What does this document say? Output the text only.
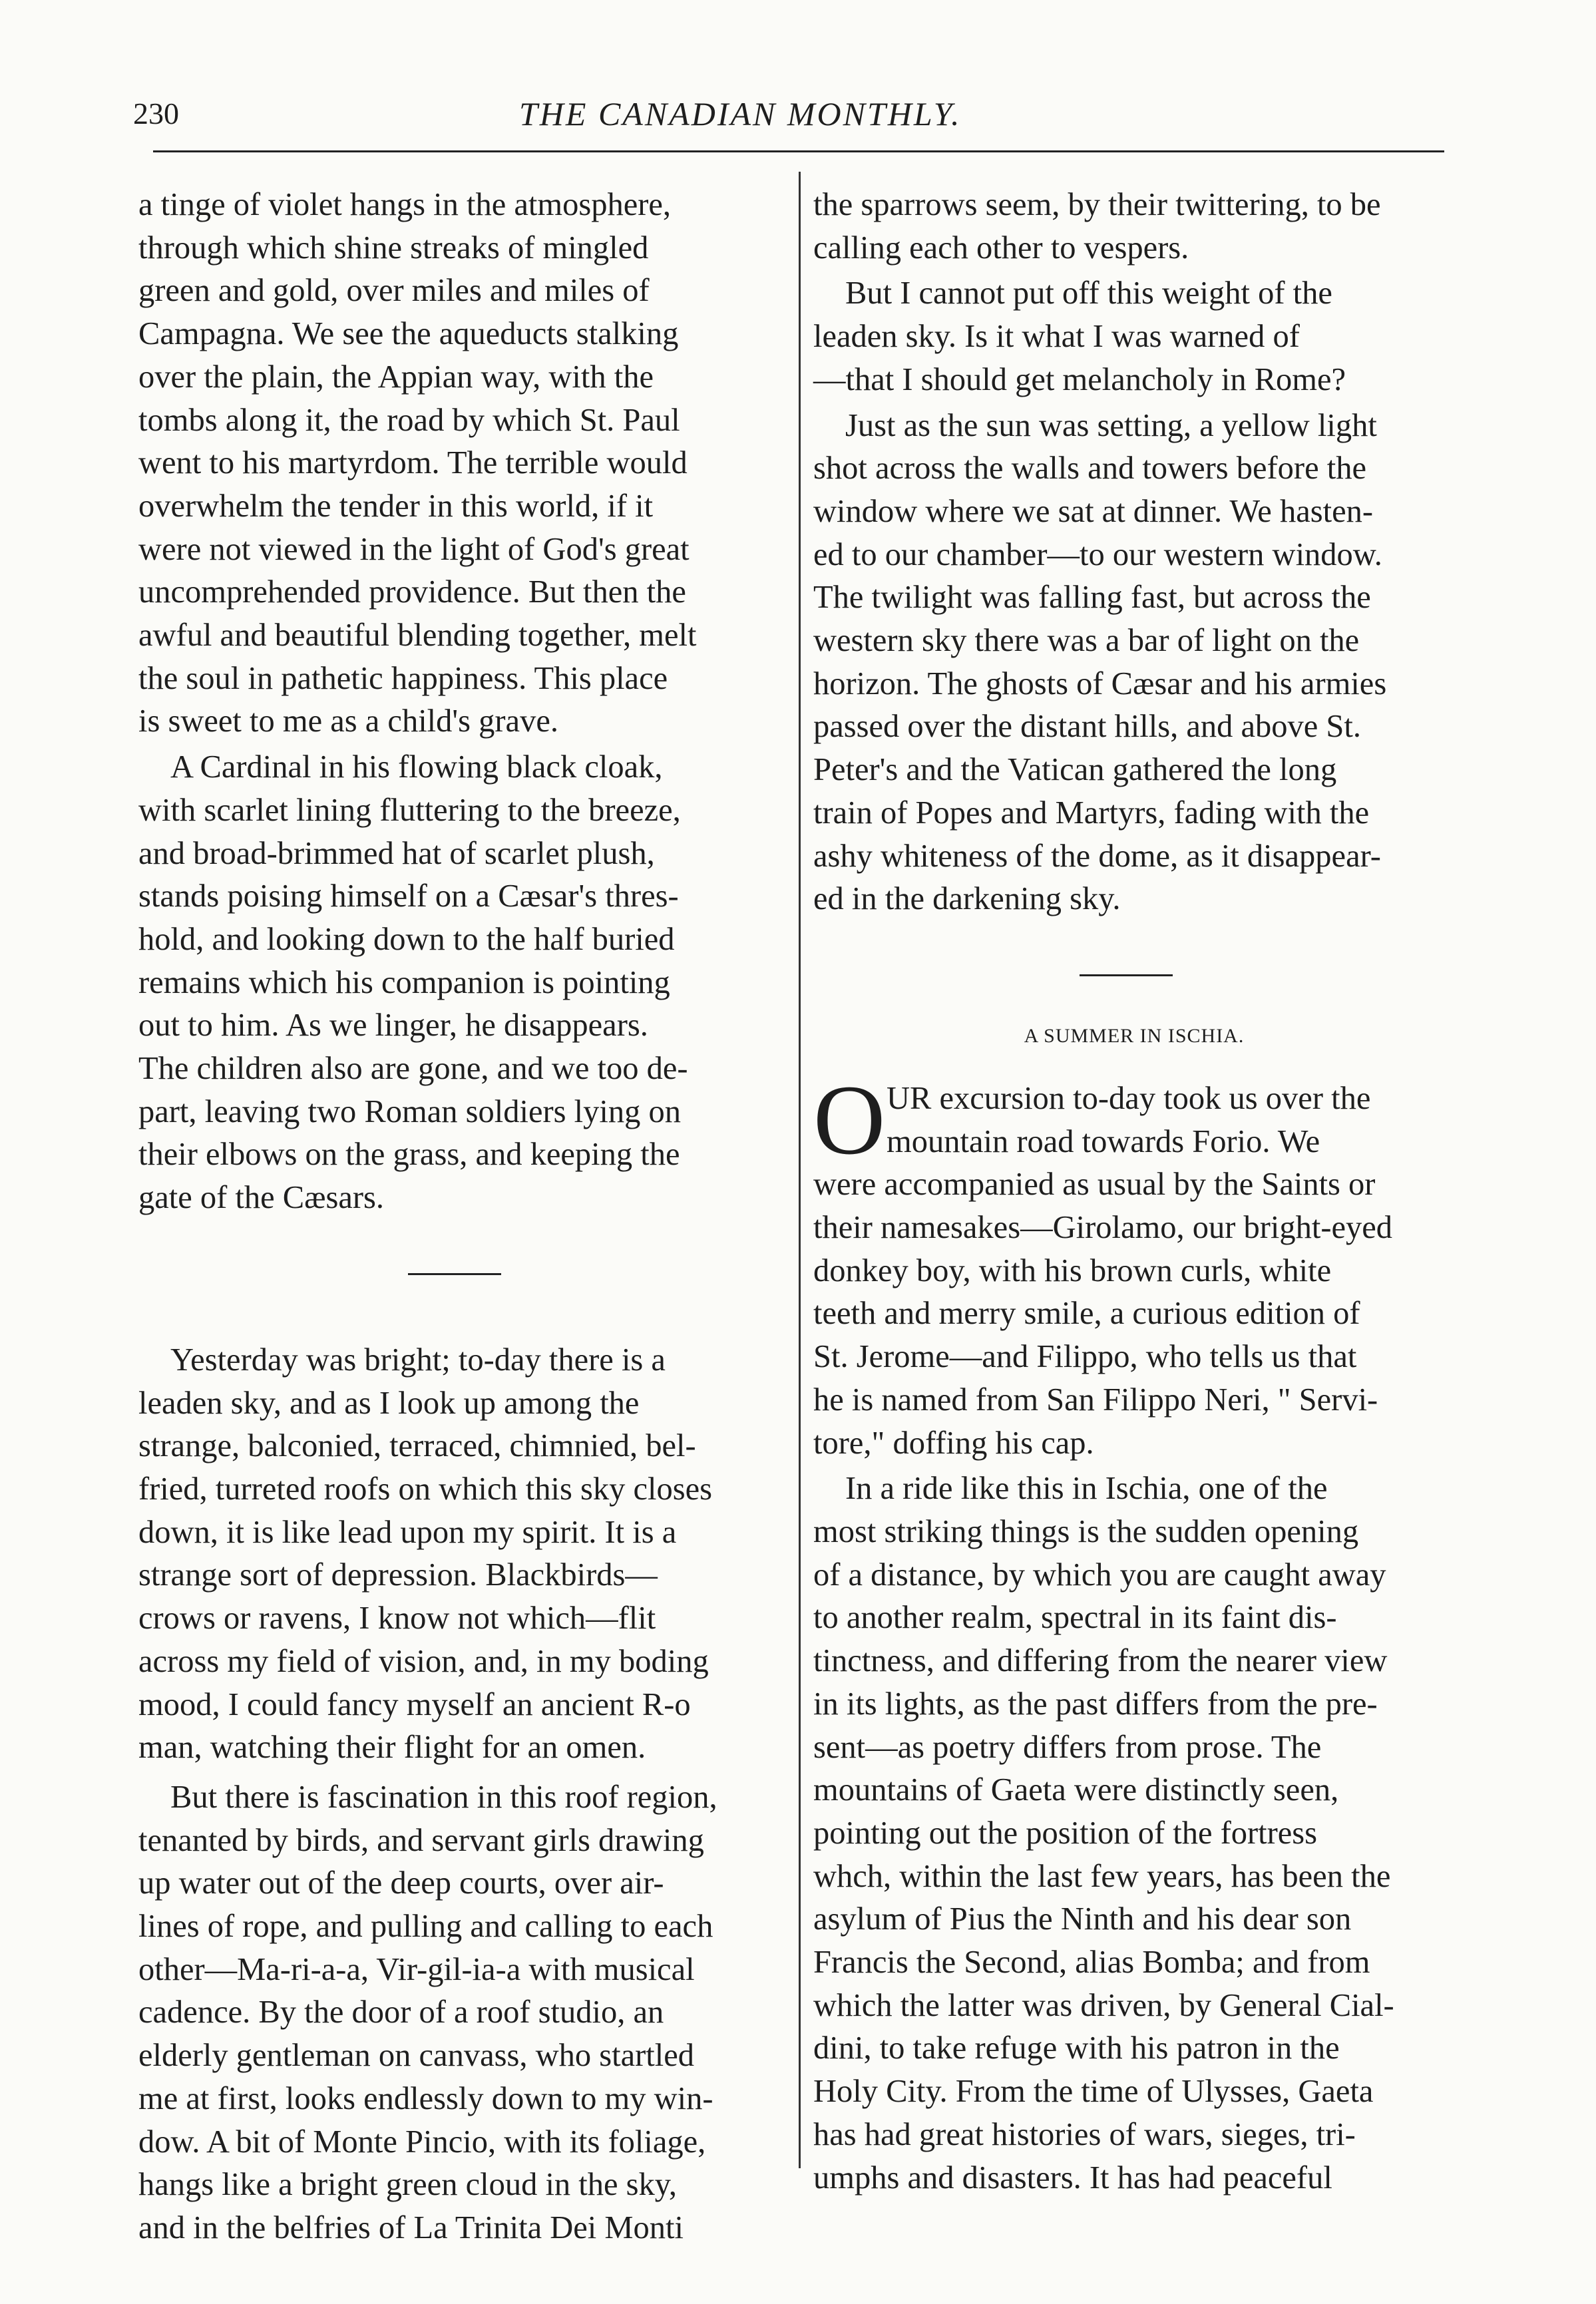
230	THE CANADIAN MONTHLY.

a tinge of violet hangs in the atmosphere,
through which shine streaks of mingled
green and gold, over miles and miles of
Campagna. We see the aqueducts stalking
over the plain, the Appian way, with the
tombs along it, the road by which St. Paul
went to his martyrdom. The terrible would
overwhelm the tender in this world, if it
were not viewed in the light of God's great
uncomprehended providence. But then the
awful and beautiful blending together, melt
the soul in pathetic happiness. This place
is sweet to me as a child's grave.

A Cardinal in his flowing black cloak,
with scarlet lining fluttering to the breeze,
and broad-brimmed hat of scarlet plush,
stands poising himself on a Cæsar's thres-
hold, and looking down to the half buried
remains which his companion is pointing
out to him. As we linger, he disappears.
The children also are gone, and we too de-
part, leaving two Roman soldiers lying on
their elbows on the grass, and keeping the
gate of the Cæsars.

Yesterday was bright; to-day there is a
leaden sky, and as I look up among the
strange, balconied, terraced, chimnied, bel-
fried, turreted roofs on which this sky closes
down, it is like lead upon my spirit. It is a
strange sort of depression. Blackbirds—
crows or ravens, I know not which—flit
across my field of vision, and, in my boding
mood, I could fancy myself an ancient R-o
man, watching their flight for an omen.

But there is fascination in this roof region,
tenanted by birds, and servant girls drawing
up water out of the deep courts, over air-
lines of rope, and pulling and calling to each
other—Ma-ri-a-a, Vir-gil-ia-a with musical
cadence. By the door of a roof studio, an
elderly gentleman on canvass, who startled
me at first, looks endlessly down to my win-
dow. A bit of Monte Pincio, with its foliage,
hangs like a bright green cloud in the sky,
and in the belfries of La Trinita Dei Monti

the sparrows seem, by their twittering, to be
calling each other to vespers.

But I cannot put off this weight of the
leaden sky. Is it what I was warned of
—that I should get melancholy in Rome?

Just as the sun was setting, a yellow light
shot across the walls and towers before the
window where we sat at dinner. We hasten-
ed to our chamber—to our western window.
The twilight was falling fast, but across the
western sky there was a bar of light on the
horizon. The ghosts of Cæsar and his armies
passed over the distant hills, and above St.
Peter's and the Vatican gathered the long
train of Popes and Martyrs, fading with the
ashy whiteness of the dome, as it disappear-
ed in the darkening sky.

A SUMMER IN ISCHIA.
O UR excursion to-day took us over the
mountain road towards Forio. We
were accompanied as usual by the Saints or
their namesakes—Girolamo, our bright-eyed
donkey boy, with his brown curls, white
teeth and merry smile, a curious edition of
St. Jerome—and Filippo, who tells us that
he is named from San Filippo Neri, " Servi-
tore," doffing his cap.

In a ride like this in Ischia, one of the
most striking things is the sudden opening
of a distance, by which you are caught away
to another realm, spectral in its faint dis-
tinctness, and differing from the nearer view
in its lights, as the past differs from the pre-
sent—as poetry differs from prose. The
mountains of Gaeta were distinctly seen,
pointing out the position of the fortress
whch, within the last few years, has been the
asylum of Pius the Ninth and his dear son
Francis the Second, alias Bomba; and from
which the latter was driven, by General Cial-
dini, to take refuge with his patron in the
Holy City. From the time of Ulysses, Gaeta
has had great histories of wars, sieges, tri-
umphs and disasters. It has had peaceful
